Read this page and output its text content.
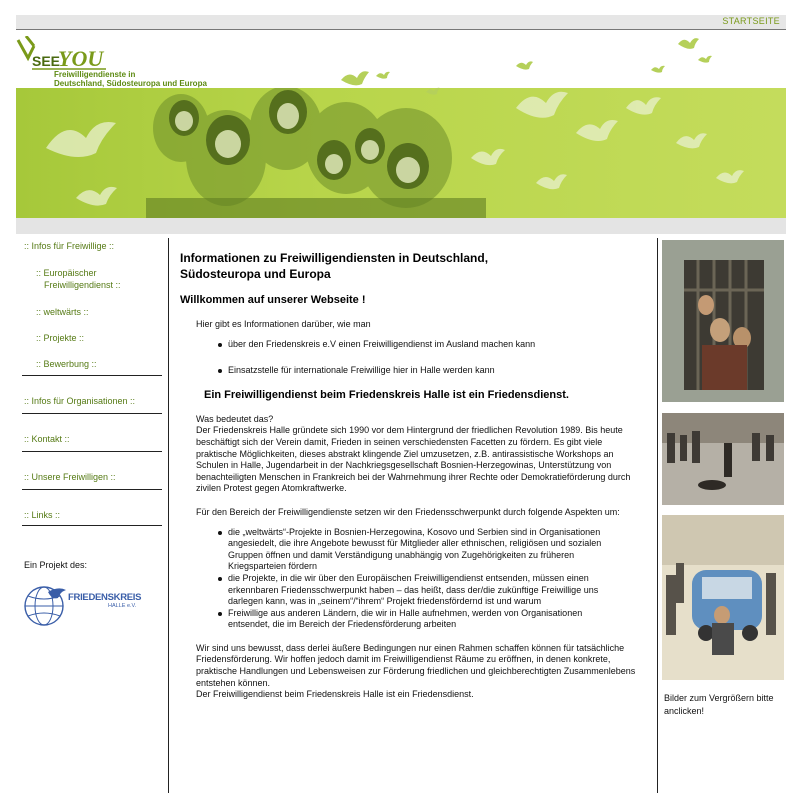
STARTSEITE
SEE
YOU
Freiwilligendienste in
Deutschland, Südosteuropa und Europa
:: Infos für Freiwillige ::
:: Europäischer
Freiwilligendienst ::
:: weltwärts ::
:: Projekte ::
:: Bewerbung ::
:: Infos für Organisationen ::
:: Kontakt ::
:: Unsere Freiwilligen ::
:: Links ::
Ein Projekt des:
FRIEDENSKREIS
HALLE e.V.
Informationen zu Freiwilligendiensten in Deutschland,
Südosteuropa und Europa
Willkommen auf unserer Webseite !
Hier gibt es Informationen darüber, wie man
über den Friedenskreis e.V einen Freiwilligendienst im Ausland machen kann
Einsatzstelle für internationale Freiwillige hier in Halle werden kann
Ein Freiwilligendienst beim Friedenskreis Halle ist ein Friedensdienst.
Was bedeutet das?
Der Friedenskreis Halle gründete sich 1990 vor dem Hintergrund der friedlichen Revolution 1989. Bis heute beschäftigt sich der Verein damit, Frieden in seinen verschiedensten Facetten zu fördern. Es gibt viele praktische Möglichkeiten, dieses abstrakt klingende Ziel umzusetzen, z.B. antirassistische Workshops an Schulen in Halle, Jugendarbeit in der Nachkriegsgesellschaft Bosnien-Herzegowinas, Unterstützung von benachteiligten Menschen in Frankreich bei der Wahrnehmung ihrer Rechte oder Demokratieförderung durch zivilen Protest gegen Atomkraftwerke.
Für den Bereich der Freiwilligendienste setzen wir den Friedensschwerpunkt durch folgende Aspekten um:
die „weltwärts“-Projekte in Bosnien-Herzegowina, Kosovo und Serbien sind in Organisationen angesiedelt, die ihre Angebote bewusst für Mitglieder aller ethnischen, religiösen und sozialen Gruppen öffnen und damit Verständigung unabhängig von Zugehörigkeiten zu früheren Kriegsparteien fördern
die Projekte, in die wir über den Europäischen Freiwilligendienst entsenden, müssen einen erkennbaren Friedensschwerpunkt haben – das heißt, dass der/die zukünftige Freiwillige uns darlegen kann, was in „seinem“/“ihrem“ Projekt friedensfördernd ist und warum
Freiwillige aus anderen Ländern, die wir in Halle aufnehmen, werden von Organisationen entsendet, die im Bereich der Friedensförderung arbeiten
Wir sind uns bewusst, dass derlei äußere Bedingungen nur einen Rahmen schaffen können für tatsächliche Friedensförderung. Wir hoffen jedoch damit im Freiwilligendienst Räume zu eröffnen, in denen konkrete, praktische Handlungen und Lebensweisen zur Förderung friedlichen und gleichberechtigten Zusammenlebens entstehen können.
Der Freiwilligendienst beim Friedenskreis Halle ist ein Friedensdienst.	Bilder zum Vergrößern bitte anclicken!
